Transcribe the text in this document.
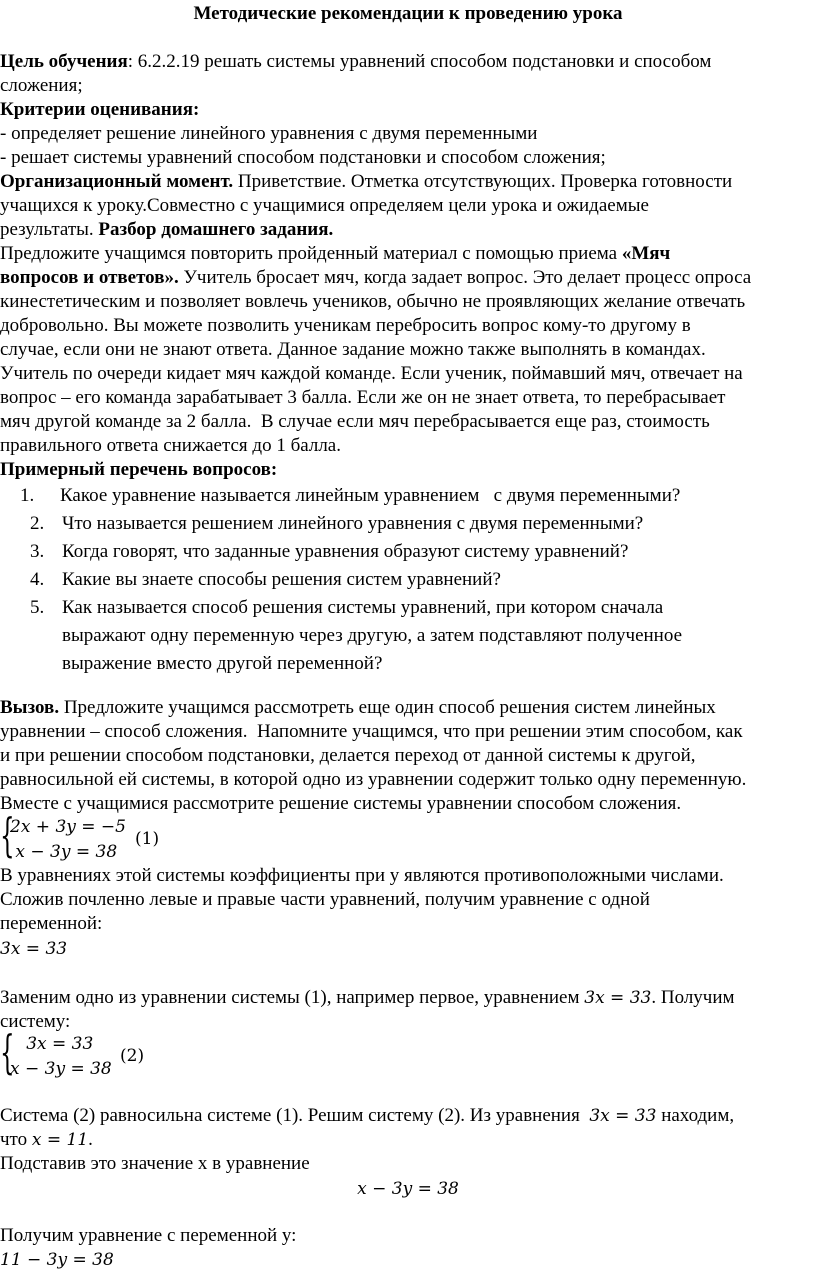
Методические рекомендации к проведению урока
Цель обучения: 6.2.2.19 решать системы уравнений способом подстановки и способом
сложения;
Критерии оценивания:
- определяет решение линейного уравнения с двумя переменными
- решает системы уравнений способом подстановки и способом сложения;
Организационный момент. Приветствие. Отметка отсутствующих. Проверка готовности
учащихся к уроку.Совместно с учащимися определяем цели урока и ожидаемые
результаты. Разбор домашнего задания.
Предложите учащимся повторить пройденный материал с помощью приема «Мяч
вопросов и ответов». Учитель бросает мяч, когда задает вопрос. Это делает процесс опроса
кинестетическим и позволяет вовлечь учеников, обычно не проявляющих желание отвечать
добровольно. Вы можете позволить ученикам перебросить вопрос кому-то другому в
случае, если они не знают ответа. Данное задание можно также выполнять в командах.
Учитель по очереди кидает мяч каждой команде. Если ученик, поймавший мяч, отвечает на
вопрос – его команда зарабатывает 3 балла. Если же он не знает ответа, то перебрасывает
мяч другой команде за 2 балла.  В случае если мяч перебрасывается еще раз, стоимость
правильного ответа снижается до 1 балла.
Примерный перечень вопросов:
1.	Какое уравнение называется линейным уравнением   с двумя переменными?
2. Что называется решением линейного уравнения с двумя переменными?
3. Когда говорят, что заданные уравнения образуют систему уравнений?
4. Какие вы знаете способы решения систем уравнений?
5. Как называется способ решения системы уравнений, при котором сначала
выражают одну переменную через другую, а затем подставляют полученное
выражение вместо другой переменной?
Вызов. Предложите учащимся рассмотреть еще один способ решения систем линейных
уравнении – способ сложения.  Напомните учащимся, что при решении этим способом, как
и при решении способом подстановки, делается переход от данной системы к другой,
равносильной ей системы, в которой одно из уравнении содержит только одну переменную.
Вместе с учащимися рассмотрите решение системы уравнении способом сложения.
{
2𝑥 + 3𝑦 = −5
𝑥 − 3𝑦 = 38
(1)
В уравнениях этой системы коэффициенты при у являются противоположными числами.
Сложив почленно левые и правые части уравнений, получим уравнение с одной
переменной:
3𝑥 = 33
Заменим одно из уравнении системы (1), например первое, уравнением 3𝑥 = 33. Получим
систему:
{
3𝑥 = 33
𝑥 − 3𝑦 = 38
(2)
Система (2) равносильна системе (1). Решим систему (2). Из уравнения  3𝑥 = 33 находим,
что 𝑥 = 11.
Подставив это значение х в уравнение
𝑥 − 3𝑦 = 38
Получим уравнение с переменной у:
11 − 3𝑦 = 38
